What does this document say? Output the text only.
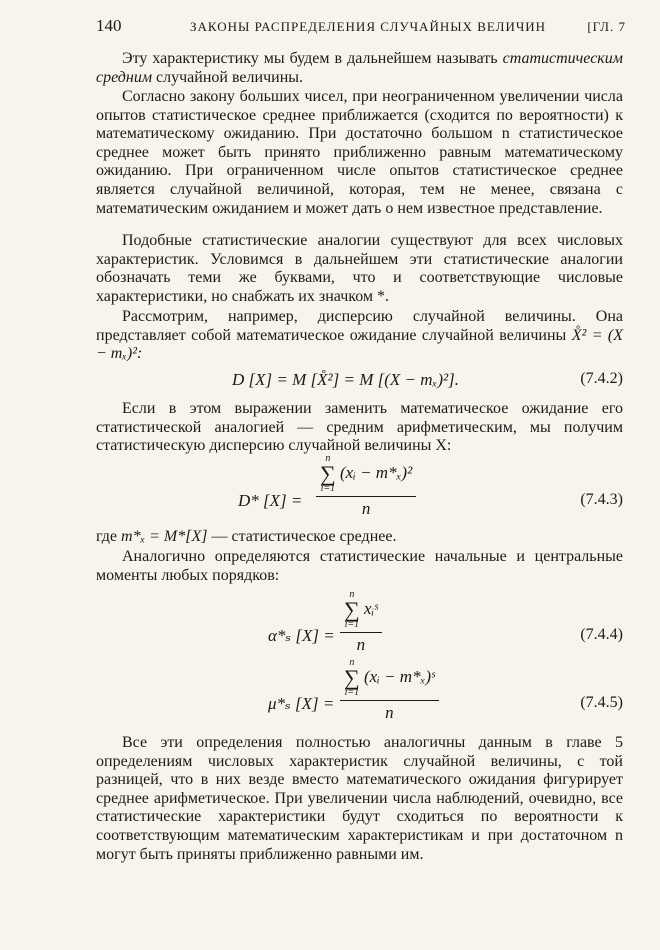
140	ЗАКОНЫ РАСПРЕДЕЛЕНИЯ СЛУЧАЙНЫХ ВЕЛИЧИН	[ГЛ. 7

Эту характеристику мы будем в дальнейшем называть статистическим средним случайной величины.

Согласно закону больших чисел, при неограниченном увеличении числа опытов статистическое среднее приближается (сходится по вероятности) к математическому ожиданию. При достаточно большом n статистическое среднее может быть принято приближенно равным математическому ожиданию. При ограниченном числе опытов статистическое среднее является случайной величиной, которая, тем не менее, связана с математическим ожиданием и может дать о нем известное представление.

Подобные статистические аналогии существуют для всех числовых характеристик. Условимся в дальнейшем эти статистические аналогии обозначать теми же буквами, что и соответствующие числовые характеристики, но снабжать их значком *.

Рассмотрим, например, дисперсию случайной величины. Она представляет собой математическое ожидание случайной величины X̊² = (X − mₓ)²:

D [X] = M [X̊²] = M [(X − mₓ)²].	(7.4.2)

Если в этом выражении заменить математическое ожидание его статистической аналогией — средним арифметическим, мы получим статистическую дисперсию случайной величины X:

D* [X] =
n
∑
i=1
(xᵢ − m*ₓ)²
n	(7.4.3)

где m*ₓ = M*[X] — статистическое среднее.

Аналогично определяются статистические начальные и центральные моменты любых порядков:

α*ₛ [X] =
n
∑
i=1
xᵢˢ
n
(7.4.4)
μ*ₛ [X] =
n
∑
i=1
(xᵢ − m*ₓ)ˢ
n
(7.4.5)

Все эти определения полностью аналогичны данным в главе 5 определениям числовых характеристик случайной величины, с той разницей, что в них везде вместо математического ожидания фигурирует среднее арифметическое. При увеличении числа наблюдений, очевидно, все статистические характеристики будут сходиться по вероятности к соответствующим математическим характеристикам и при достаточном n могут быть приняты приближенно равными им.
